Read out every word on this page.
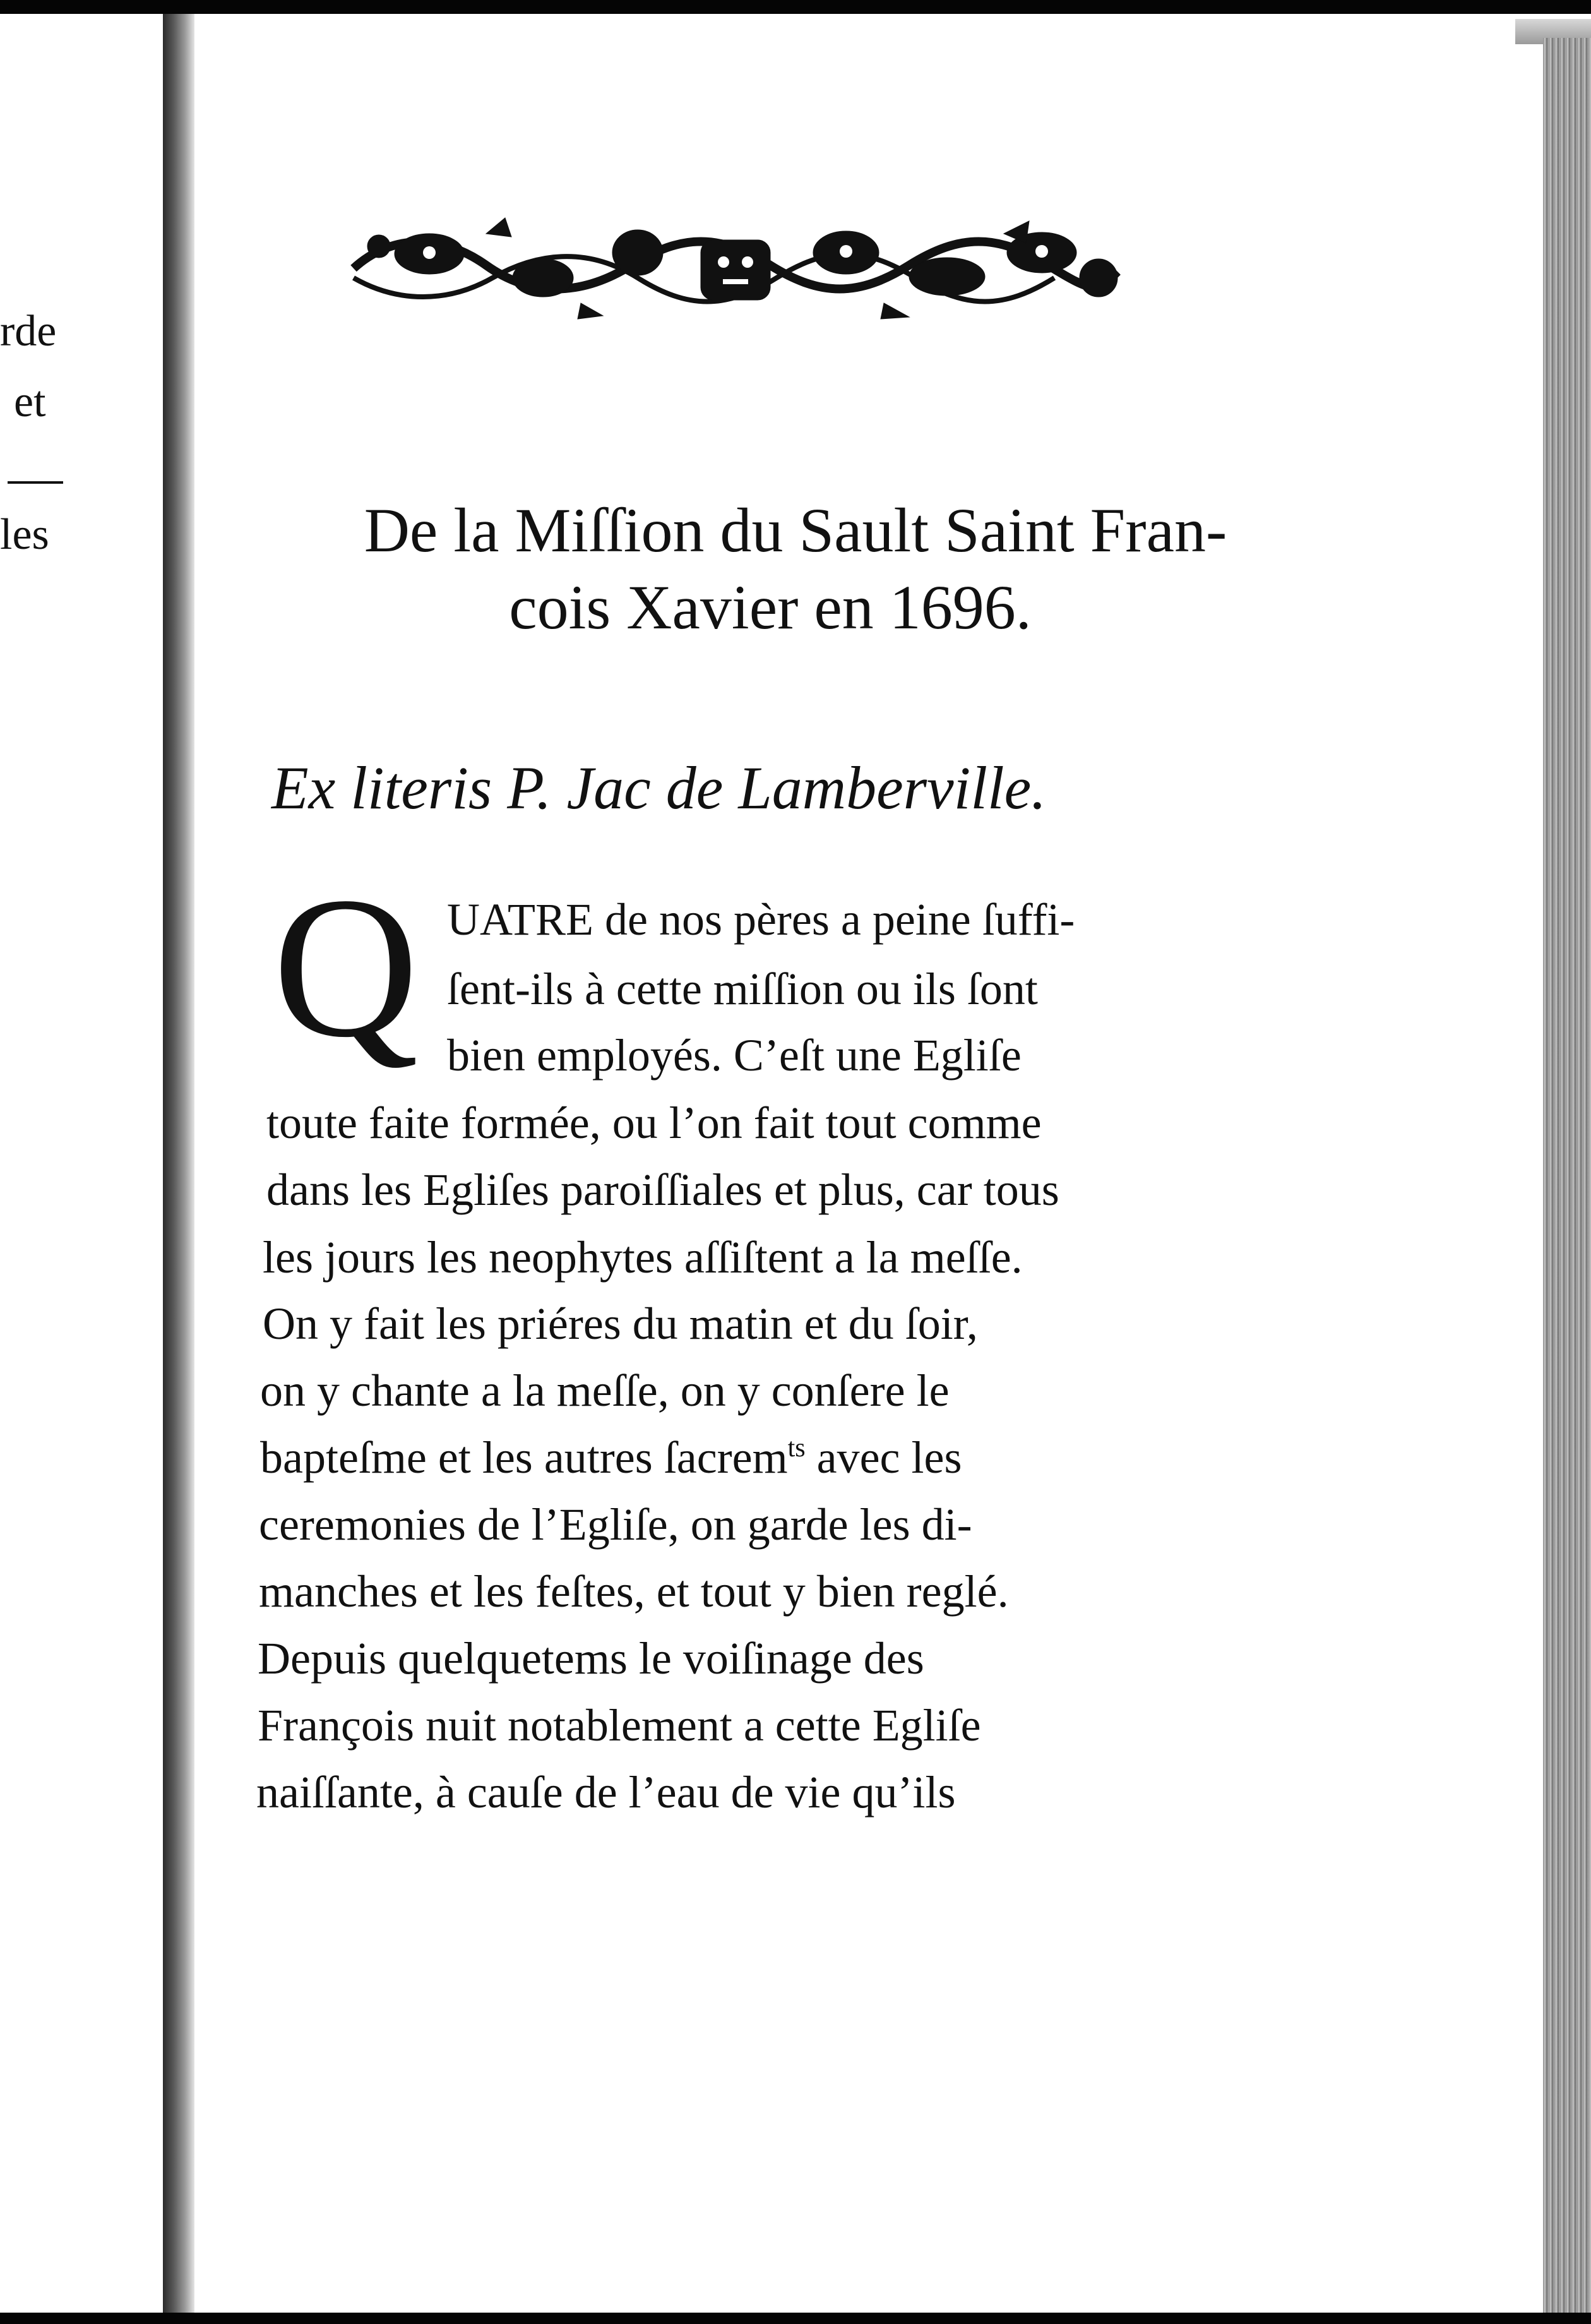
rde
et
les	De la Miſſion du Sault Saint Fran-
cois Xavier en 1696.
Ex literis P. Jac de Lamberville.
Q UATRE de nos pères a peine ſuffi-
ſent-ils à cette miſſion ou ils ſont
bien employés. C’eſt une Egliſe
toute faite formée, ou l’on fait tout comme
dans les Egliſes paroiſſiales et plus, car tous
les jours les neophytes aſſiſtent a la meſſe.
On y fait les priéres du matin et du ſoir,
on y chante a la meſſe, on y conſere le
bapteſme et les autres ſacrem$^{ts}$ avec les
ceremonies de l’Egliſe, on garde les di-
manches et les feſtes, et tout y bien reglé.
Depuis quelquetems le voiſinage des
François nuit notablement a cette Egliſe
naiſſante, à cauſe de l’eau de vie qu’ils
